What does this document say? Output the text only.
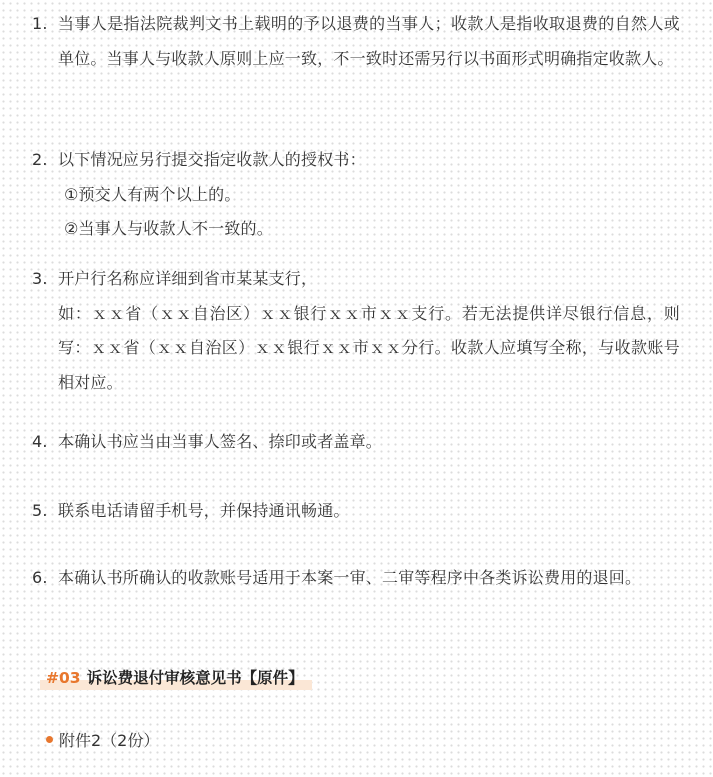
1. 当事人是指法院裁判文书上载明的予以退费的当事人；收款人是指收取退费的自然人或单位。当事人与收款人原则上应一致，不一致时还需另行以书面形式明确指定收款人。
2. 以下情况应另行提交指定收款人的授权书：
①预交人有两个以上的。
②当事人与收款人不一致的。
3. 开户行名称应详细到省市某某支行，
如：ｘｘ省（ｘｘ自治区）ｘｘ银行ｘｘ市ｘｘ支行。若无法提供详尽银行信息，则写：ｘｘ省（ｘｘ自治区）ｘｘ银行ｘｘ市ｘｘ分行。收款人应填写全称，与收款账号相对应。
4. 本确认书应当由当事人签名、捺印或者盖章。
5. 联系电话请留手机号，并保持通讯畅通。
6. 本确认书所确认的收款账号适用于本案一审、二审等程序中各类诉讼费用的退回。
#03 诉讼费退付审核意见书【原件】
附件2（2份）
